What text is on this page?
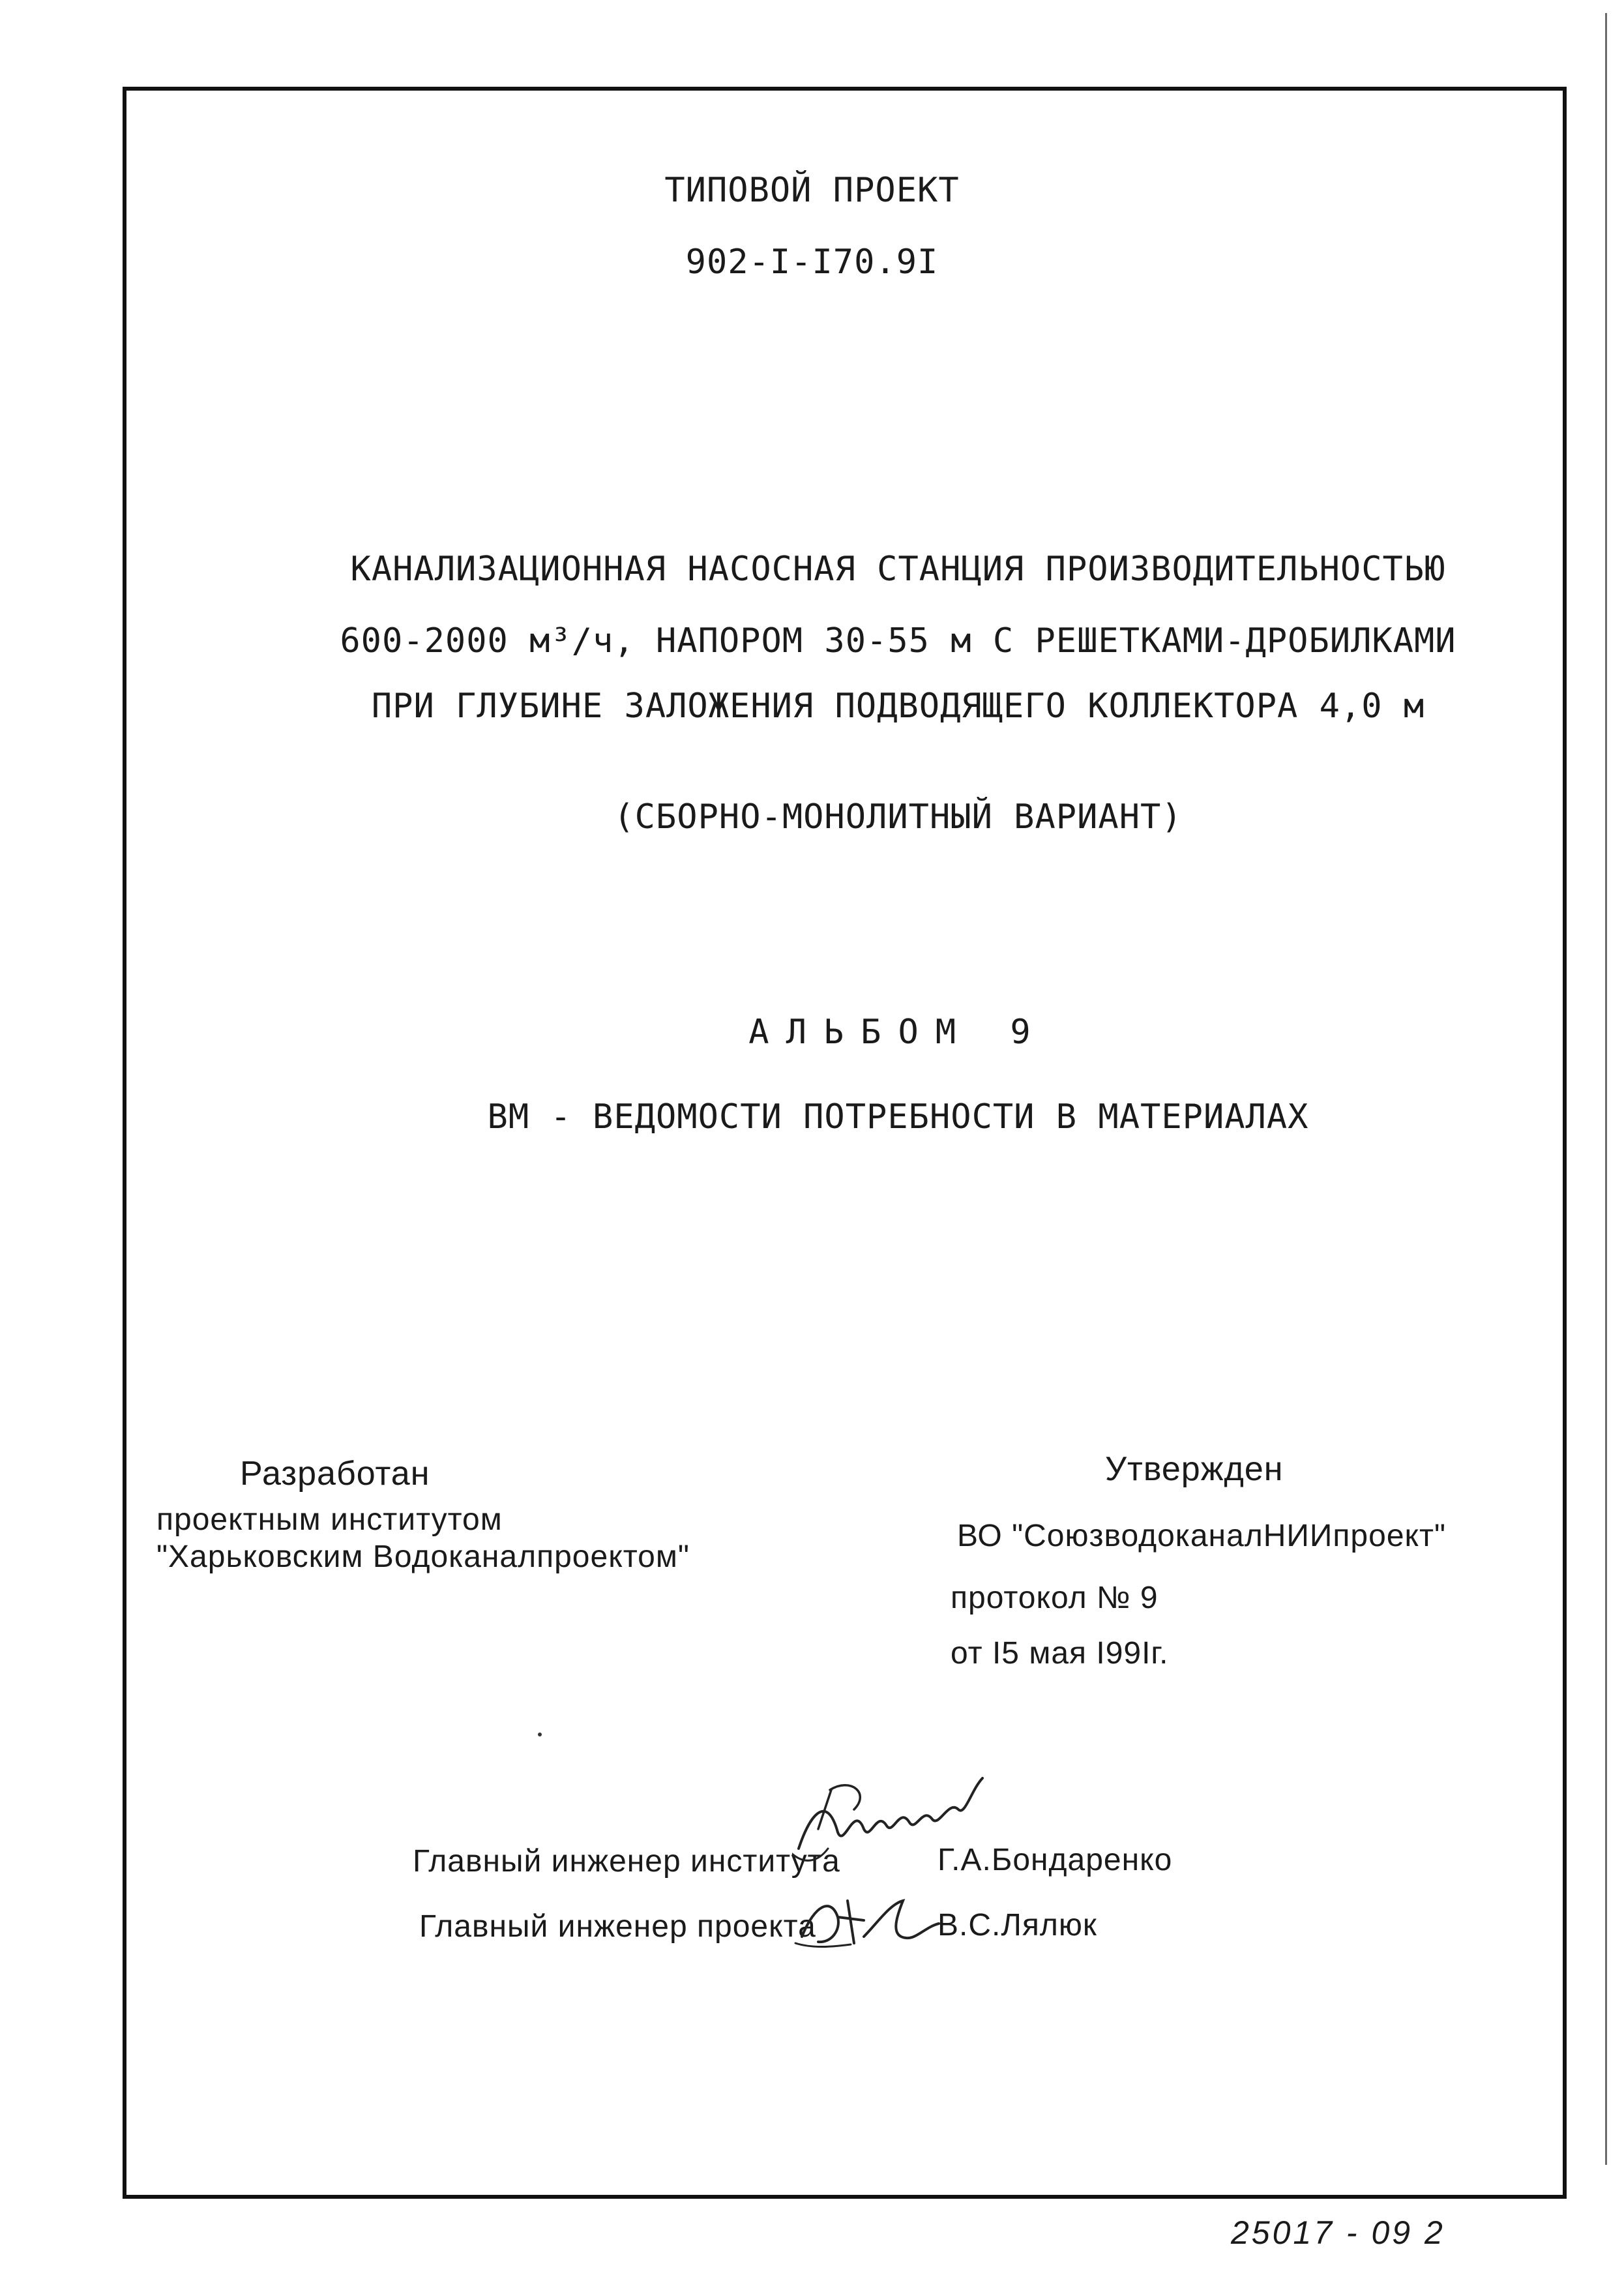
ТИПОВОЙ ПРОЕКТ
902-I-I70.9I
КАНАЛИЗАЦИОННАЯ НАСОСНАЯ СТАНЦИЯ ПРОИЗВОДИТЕЛЬНОСТЬЮ
600-2000 м³/ч, НАПОРОМ 30-55 м С РЕШЕТКАМИ-ДРОБИЛКАМИ
ПРИ ГЛУБИНЕ ЗАЛОЖЕНИЯ ПОДВОДЯЩЕГО КОЛЛЕКТОРА 4,0 м
(СБОРНО-МОНОЛИТНЫЙ ВАРИАНТ)
АЛЬБОМ 9
ВМ - ВЕДОМОСТИ ПОТРЕБНОСТИ В МАТЕРИАЛАХ
Разработан
проектным институтом
"Харьковским Водоканалпроектом"
Утвержден
ВО "СоюзводоканалНИИпроект"
протокол № 9
от I5 мая I99Iг.
Главный инженер института	Г.А.Бондаренко
Главный инженер проекта	В.С.Лялюк
25017 - 09 2
